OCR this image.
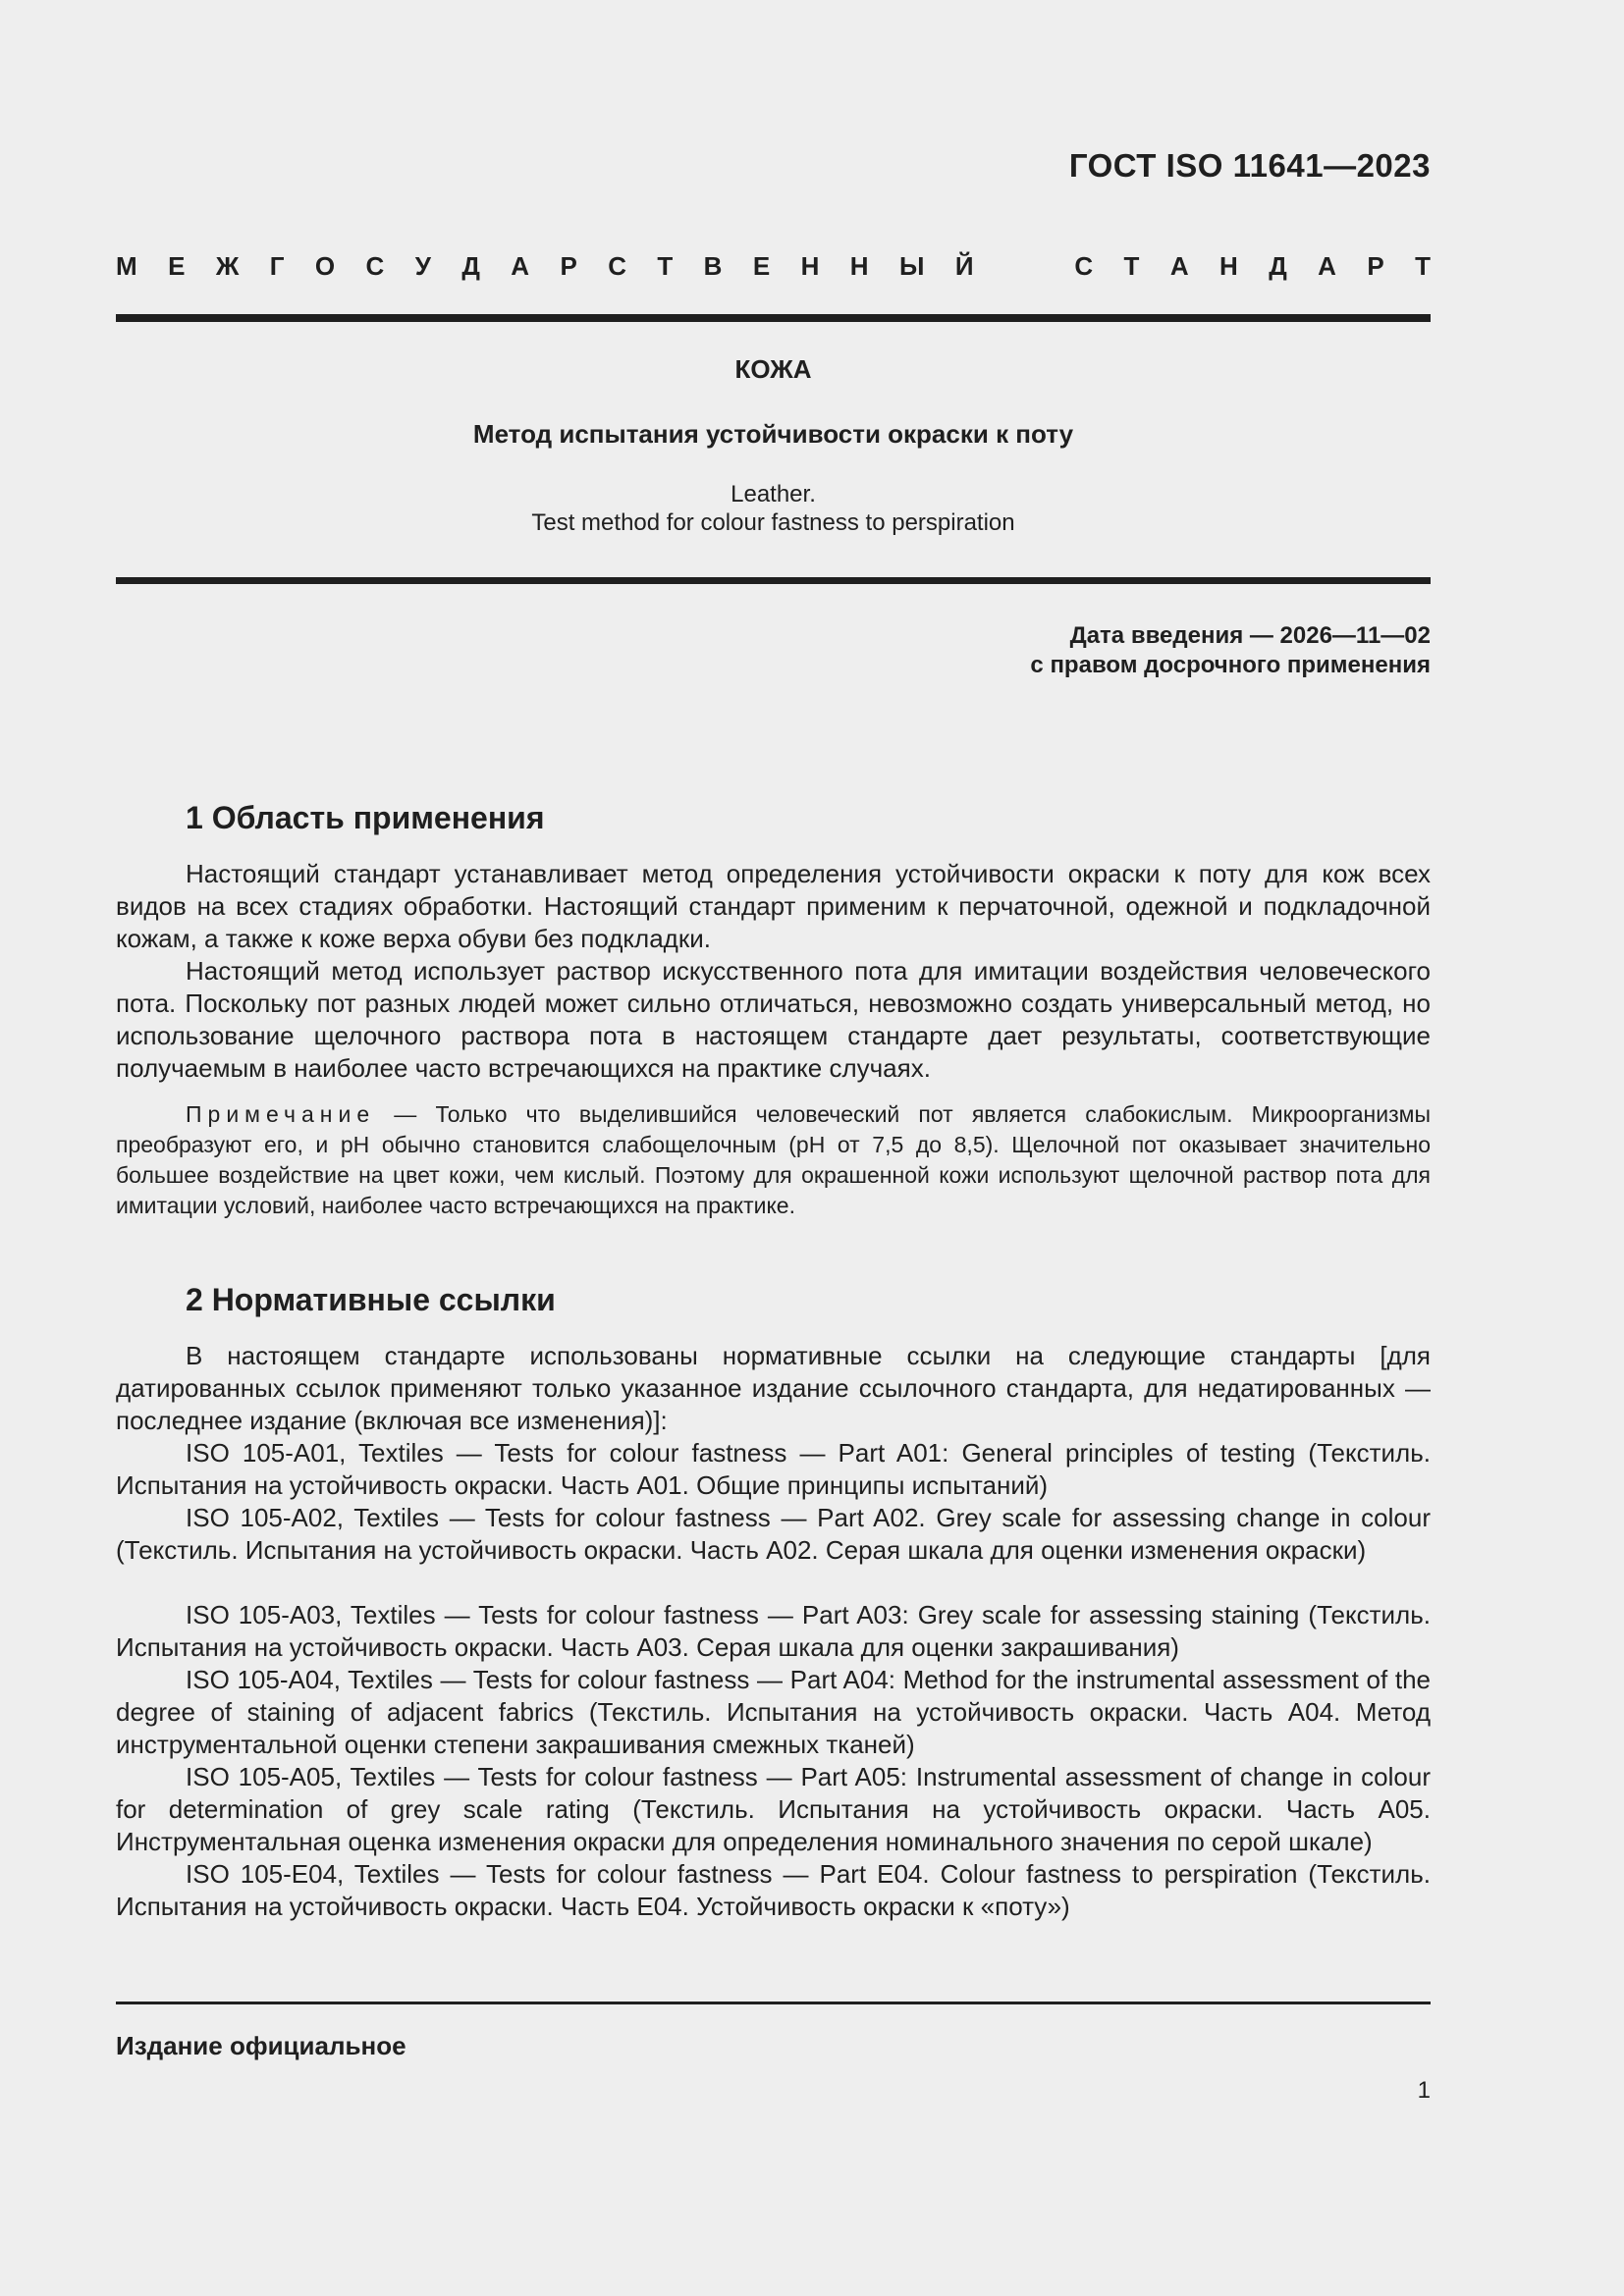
ГОСТ ISO 11641—2023
М Е Ж Г О С У Д А Р С Т В Е Н Н Ы Й	С Т А Н Д А Р Т
КОЖА
Метод испытания устойчивости окраски к поту
Leather.
Test method for colour fastness to perspiration
Дата введения — 2026—11—02
с правом досрочного применения
1 Область применения

Настоящий стандарт устанавливает метод определения устойчивости окраски к поту для кож всех видов на всех стадиях обработки. Настоящий стандарт применим к перчаточной, одежной и подкладочной кожам, а также к коже верха обуви без подкладки.

Настоящий метод использует раствор искусственного пота для имитации воздействия человеческого пота. Поскольку пот разных людей может сильно отличаться, невозможно создать универсальный метод, но использование щелочного раствора пота в настоящем стандарте дает результаты, соответствующие получаемым в наиболее часто встречающихся на практике случаях.

Примечание — Только что выделившийся человеческий пот является слабокислым. Микроорганизмы преобразуют его, и pH обычно становится слабощелочным (pH от 7,5 до 8,5). Щелочной пот оказывает значительно большее воздействие на цвет кожи, чем кислый. Поэтому для окрашенной кожи используют щелочной раствор пота для имитации условий, наиболее часто встречающихся на практике.

2 Нормативные ссылки

В настоящем стандарте использованы нормативные ссылки на следующие стандарты [для датированных ссылок применяют только указанное издание ссылочного стандарта, для недатированных — последнее издание (включая все изменения)]:

ISO 105-A01, Textiles — Tests for colour fastness — Part A01: General principles of testing (Текстиль. Испытания на устойчивость окраски. Часть А01. Общие принципы испытаний)

ISO 105-A02, Textiles — Tests for colour fastness — Part A02. Grey scale for assessing change in colour (Текстиль. Испытания на устойчивость окраски. Часть А02. Серая шкала для оценки изменения окраски)

ISO 105-A03, Textiles — Tests for colour fastness — Part A03: Grey scale for assessing staining (Текстиль. Испытания на устойчивость окраски. Часть А03. Серая шкала для оценки закрашивания)

ISO 105-A04, Textiles — Tests for colour fastness — Part A04: Method for the instrumental assessment of the degree of staining of adjacent fabrics (Текстиль. Испытания на устойчивость окраски. Часть А04. Метод инструментальной оценки степени закрашивания смежных тканей)

ISO 105-A05, Textiles — Tests for colour fastness — Part A05: Instrumental assessment of change in colour for determination of grey scale rating (Текстиль. Испытания на устойчивость окраски. Часть А05. Инструментальная оценка изменения окраски для определения номинального значения по серой шкале)

ISO 105-E04, Textiles — Tests for colour fastness — Part E04. Colour fastness to perspiration (Текстиль. Испытания на устойчивость окраски. Часть Е04. Устойчивость окраски к «поту»)

Издание официальное
1
